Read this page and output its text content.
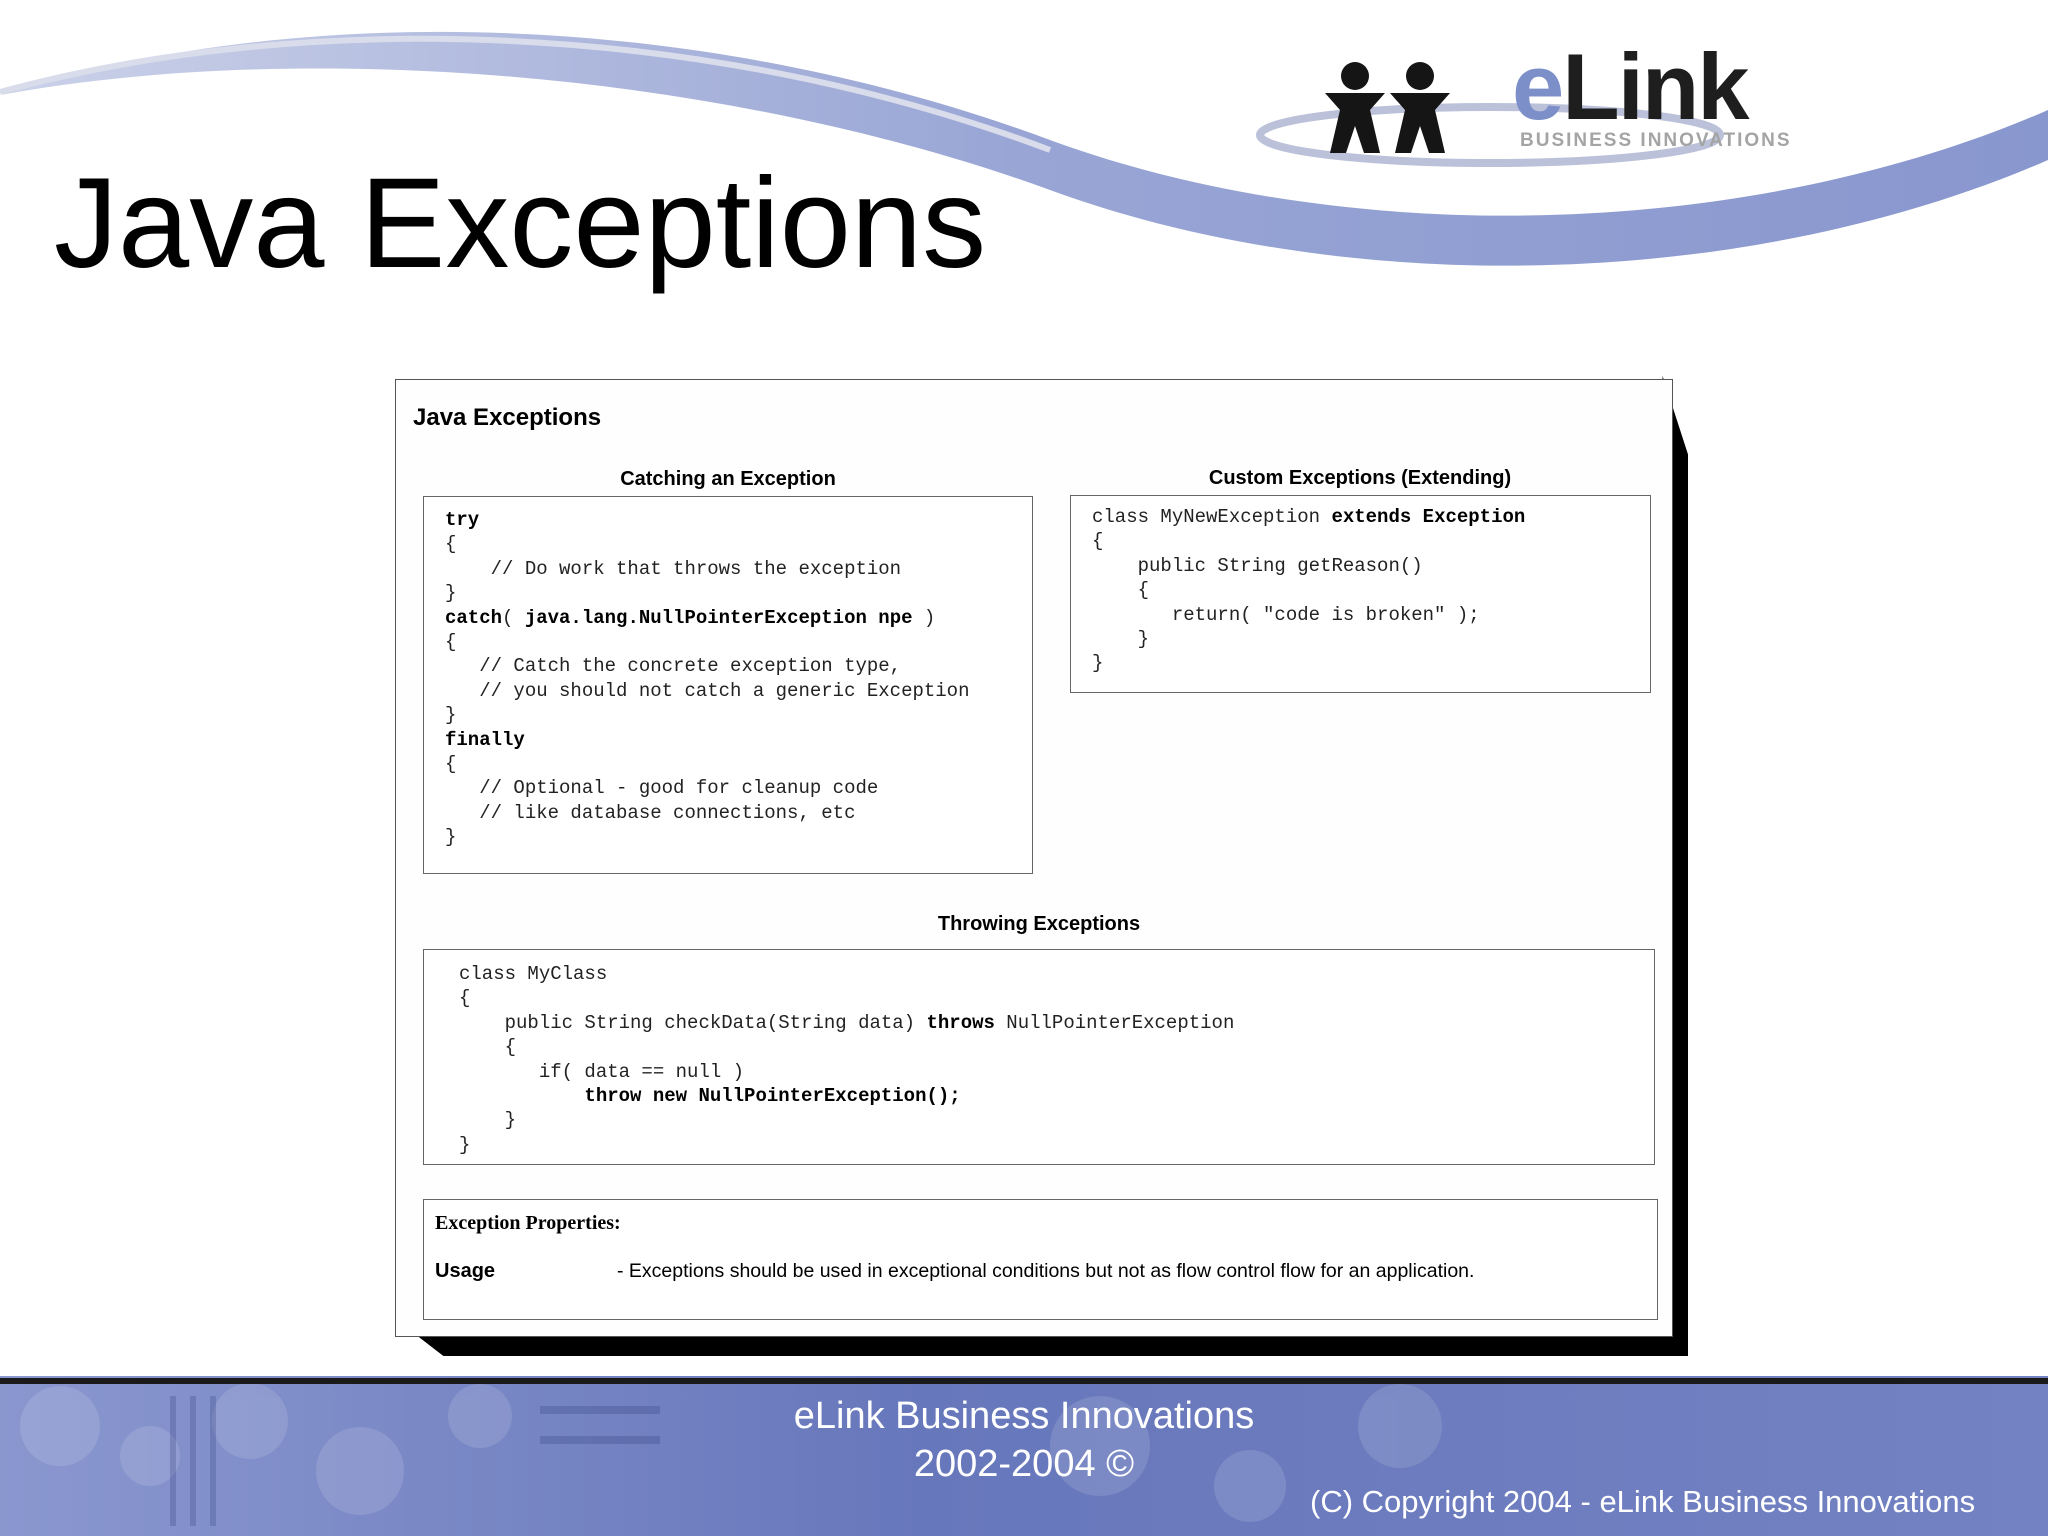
eLink
BUSINESS INNOVATIONS
Java Exceptions
Java Exceptions
Catching an Exception
try
{
// Do work that throws the exception
}
catch( java.lang.NullPointerException npe )
{
// Catch the concrete exception type,
// you should not catch a generic Exception
}
finally
{
// Optional - good for cleanup code
// like database connections, etc
}
Custom Exceptions (Extending)
class MyNewException extends Exception
{
public String getReason()
{
return( "code is broken" );
}
}
Throwing Exceptions
class MyClass
{
public String checkData(String data) throws NullPointerException
{
if( data == null )
throw new NullPointerException();
}
}
Exception Properties:
Usage	- Exceptions should be used in exceptional conditions but not as flow control flow for an application.
eLink Business Innovations
2002-2004 ©
(C) Copyright 2004 - eLink Business Innovations
